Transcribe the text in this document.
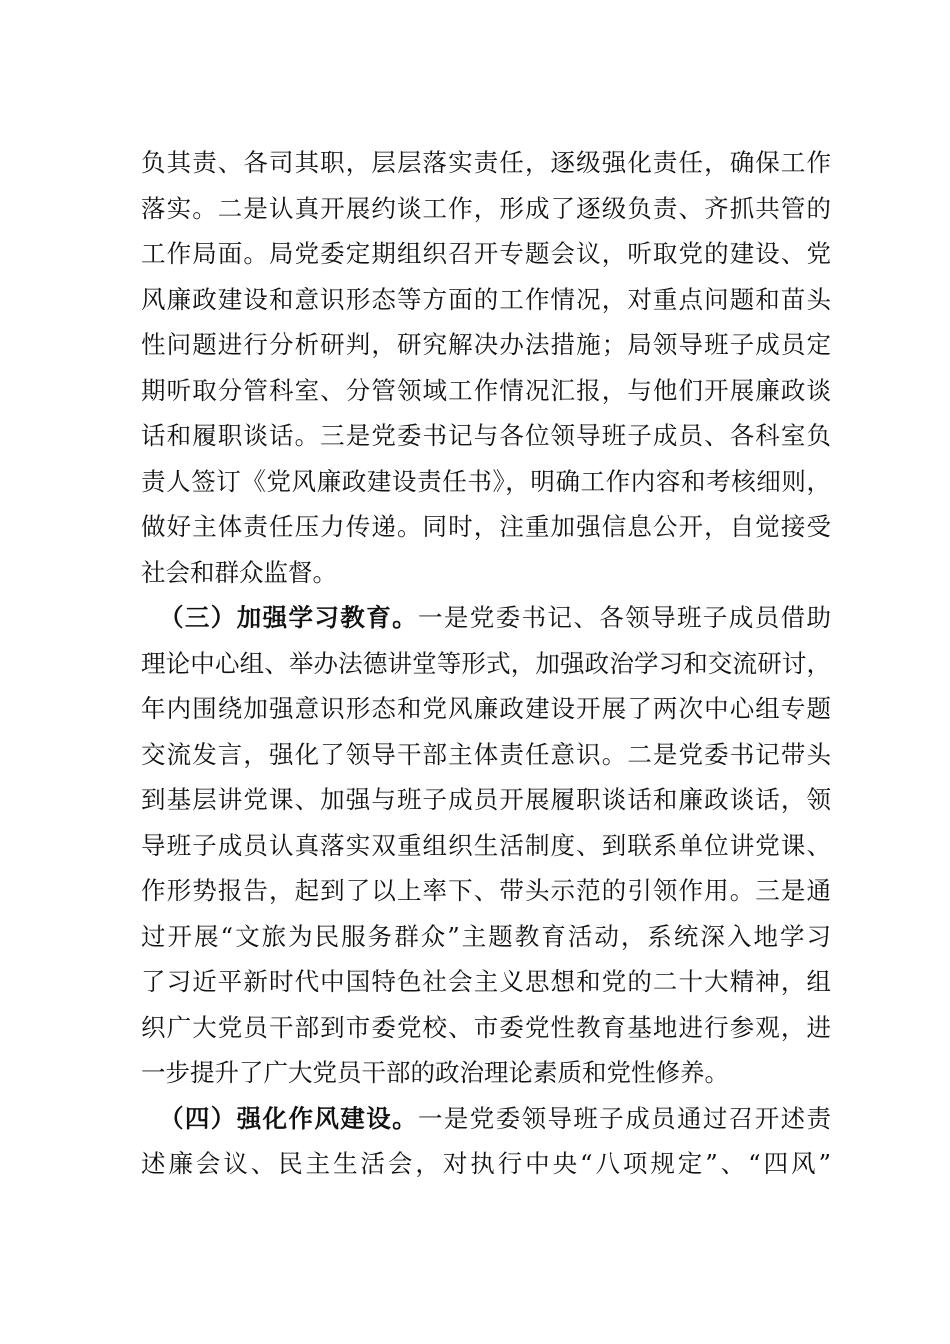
负其责、各司其职，层层落实责任，逐级强化责任，确保工作
落实。二是认真开展约谈工作，形成了逐级负责、齐抓共管的
工作局面。局党委定期组织召开专题会议，听取党的建设、党
风廉政建设和意识形态等方面的工作情况，对重点问题和苗头
性问题进行分析研判，研究解决办法措施；局领导班子成员定
期听取分管科室、分管领域工作情况汇报，与他们开展廉政谈
话和履职谈话。三是党委书记与各位领导班子成员、各科室负
责人签订《党风廉政建设责任书》，明确工作内容和考核细则，
做好主体责任压力传递。同时，注重加强信息公开，自觉接受
社会和群众监督。
（三）加强学习教育。一是党委书记、各领导班子成员借助
理论中心组、举办法德讲堂等形式，加强政治学习和交流研讨，
年内围绕加强意识形态和党风廉政建设开展了两次中心组专题
交流发言，强化了领导干部主体责任意识。二是党委书记带头
到基层讲党课、加强与班子成员开展履职谈话和廉政谈话，领
导班子成员认真落实双重组织生活制度、到联系单位讲党课、
作形势报告，起到了以上率下、带头示范的引领作用。三是通
过开展“文旅为民服务群众”主题教育活动，系统深入地学习
了习近平新时代中国特色社会主义思想和党的二十大精神，组
织广大党员干部到市委党校、市委党性教育基地进行参观，进
一步提升了广大党员干部的政治理论素质和党性修养。
（四）强化作风建设。一是党委领导班子成员通过召开述责
述廉会议、民主生活会，对执行中央“八项规定”、“四风”
